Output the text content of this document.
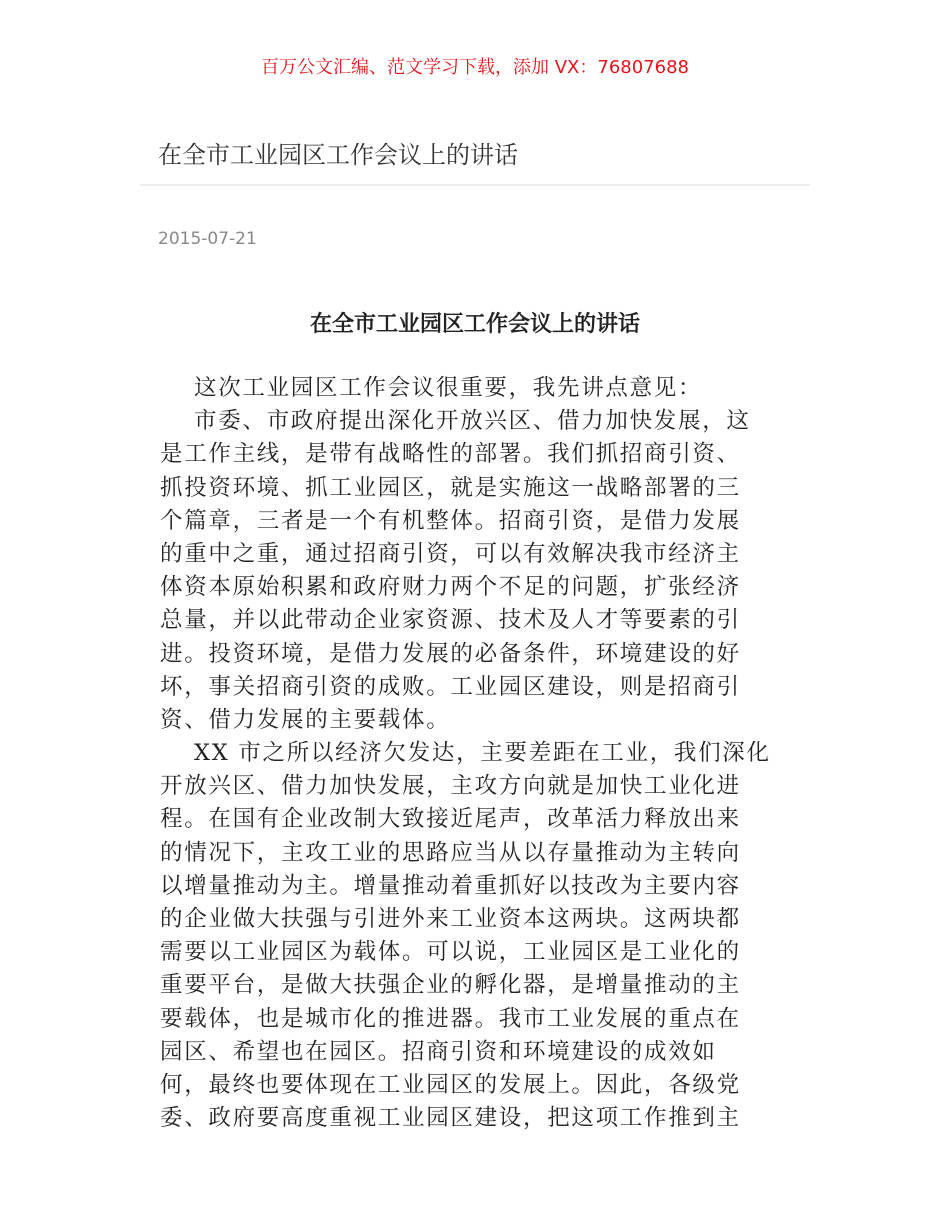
百万公文汇编、范文学习下载，添加 VX：76807688
在全市工业园区工作会议上的讲话
2015-07-21
在全市工业园区工作会议上的讲话
这次工业园区工作会议很重要，我先讲点意见：
市委、市政府提出深化开放兴区、借力加快发展，这
是工作主线，是带有战略性的部署。我们抓招商引资、
抓投资环境、抓工业园区，就是实施这一战略部署的三
个篇章，三者是一个有机整体。招商引资，是借力发展
的重中之重，通过招商引资，可以有效解决我市经济主
体资本原始积累和政府财力两个不足的问题，扩张经济
总量，并以此带动企业家资源、技术及人才等要素的引
进。投资环境，是借力发展的必备条件，环境建设的好
坏，事关招商引资的成败。工业园区建设，则是招商引
资、借力发展的主要载体。
XX 市之所以经济欠发达，主要差距在工业，我们深化
开放兴区、借力加快发展，主攻方向就是加快工业化进
程。在国有企业改制大致接近尾声，改革活力释放出来
的情况下，主攻工业的思路应当从以存量推动为主转向
以增量推动为主。增量推动着重抓好以技改为主要内容
的企业做大扶强与引进外来工业资本这两块。这两块都
需要以工业园区为载体。可以说，工业园区是工业化的
重要平台，是做大扶强企业的孵化器，是增量推动的主
要载体，也是城市化的推进器。我市工业发展的重点在
园区、希望也在园区。招商引资和环境建设的成效如
何，最终也要体现在工业园区的发展上。因此，各级党
委、政府要高度重视工业园区建设，把这项工作推到主
